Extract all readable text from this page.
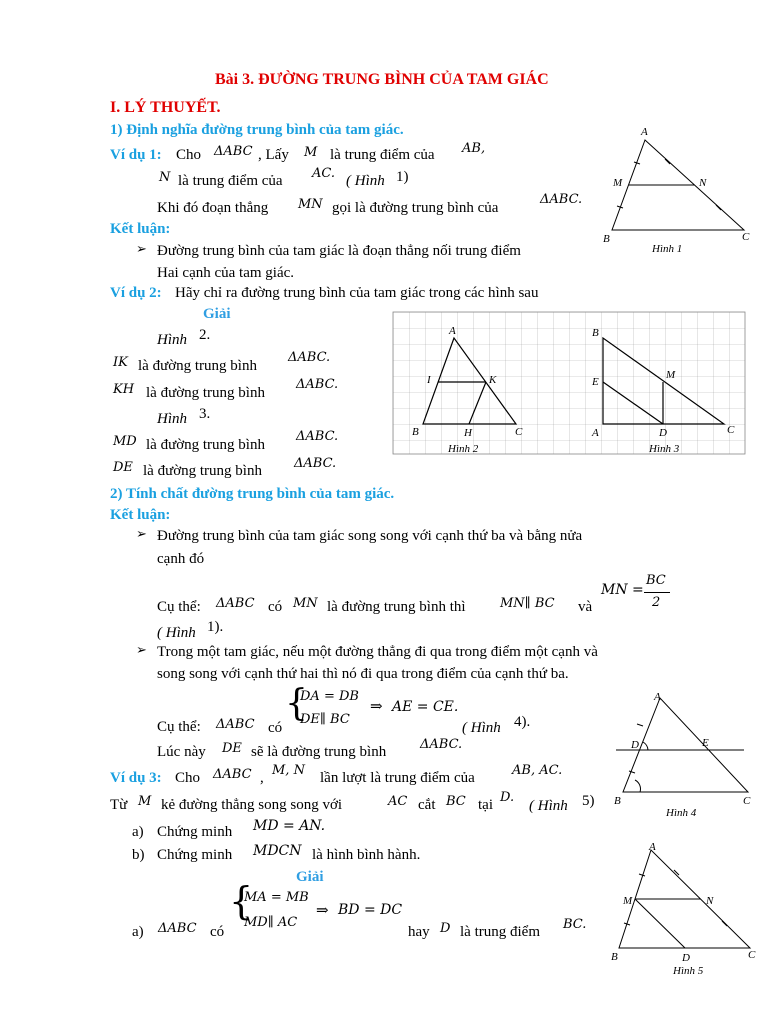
Bài 3. ĐƯỜNG TRUNG BÌNH CỦA TAM GIÁC
I. LÝ THUYẾT.
1) Định nghĩa đường trung bình của tam giác.
Ví dụ 1: Cho ΔABC , Lấy M là trung điểm của AB,
N là trung điểm của AC. ( Hình 1)
Khi đó đoạn thẳng MN gọi là đường trung bình của
ΔABC.
Kết luận:
➢ Đường trung bình của tam giác là đoạn thẳng nối trung điểm
Hai cạnh của tam giác.
Ví dụ 2: Hãy chỉ ra đường trung bình của tam giác trong các hình sau
Giải
Hình 2.
IK là đường trung bình
ΔABC.
KH là đường trung bình
ΔABC.
Hình 3.
MD là đường trung bình
ΔABC.
DE là đường trung bình ΔABC.
2) Tính chất đường trung bình của tam giác.
Kết luận:
➢ Đường trung bình của tam giác song song với cạnh thứ ba và bằng nửa
cạnh đó
Cụ thể: ΔABC có MN là đường trung bình thì	MN∥ BC và
MN =
BC
2
( Hình 1).
➢ Trong một tam giác, nếu một đường thẳng đi qua trong điểm một cạnh và
song song với cạnh thứ hai thì nó đi qua trong điểm của cạnh thứ ba.
{
DA = DB
DE∥ BC
⇒ AE = CE.
Cụ thể: ΔABC có	( Hình 4).
Lúc này DE sẽ là đường trung bình	ΔABC.
Ví dụ 3: Cho ΔABC , M, N lần lượt là trung điểm của	AB, AC.
Từ M kẻ đường thẳng song song với	AC cắt BC tại D.
( Hình 5)
a) Chứng minh MD = AN.
b) Chứng minh MDCN là hình bình hành.
Giải
{
MA = MB
MD∥ AC
⇒ BD = DC
a) ΔABC có	hay D là trung điểm BC.
A
B	C
M	N
Hình 1
A
I	K
B	H	C
Hình 2
B
E
M
A	D	C
Hình 3
A
D	E
B	C
Hình 4
A
M	N
B	D	C
Hình 5
